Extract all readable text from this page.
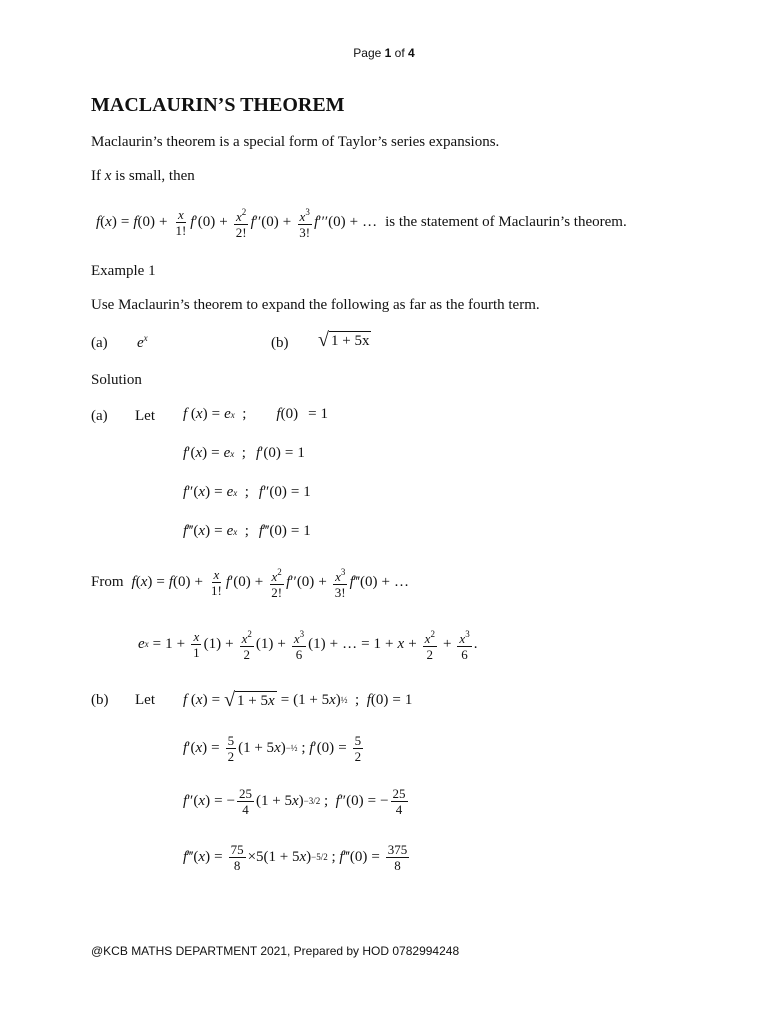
Page 1 of 4
MACLAURIN’S THEOREM
Maclaurin’s theorem is a special form of Taylor’s series expansions.
If x is small, then
f ( x ) = f $(0) + \frac{x}{1!}$ f $'(0) + \frac{x^2}{2!}$ f $''(0) + \frac{x^3}{3!}$ f ′′′(0) + … is the statement of Maclaurin’s theorem.
Example 1
Use Maclaurin’s theorem to expand the following as far as the fourth term.
(a) $e^x$	(b) √ 1 + 5x
Solution
(a) Let f ( x ) = e x ; f (0) = 1
f ′( x ) = e x ; f ′(0) = 1
f ″( x ) = e x ; f ″(0) = 1
f ‴( x ) = e x ; f ‴(0) = 1
From f ( x ) = f $(0) + \frac{x}{1!}$ f $'(0) + \frac{x^2}{2!}$ f $''(0) + \frac{x^3}{3!}$ f ‴(0) + …
e $x = 1 + \frac{x}{1} (1) + \frac{x^2}{2} (1) + \frac{x^3}{6} (1)$ + … = $1 + x + \frac{x^2}{2} + \frac{x^3}{6}$ .
(b) Let f ( x ) = √ 1 + 5x = (1 + 5 x ) ½ ; f (0) = 1
f ′( x ) = $\frac{5}{2} (1 + 5$ x ) −½ ; f $'(0) = \frac{5}{2}$
f ″( x ) = − $\frac{25}{4} (1 + 5$ x ) −3/2 ; f ″(0) = − $\frac{25}{4}$
f ‴( x ) = $\frac{75}{8} \times 5(1 + 5$ x ) −5/2 ; f ‴(0) = $\frac{375}{8}$
@KCB MATHS DEPARTMENT 2021, Prepared by HOD 0782994248
